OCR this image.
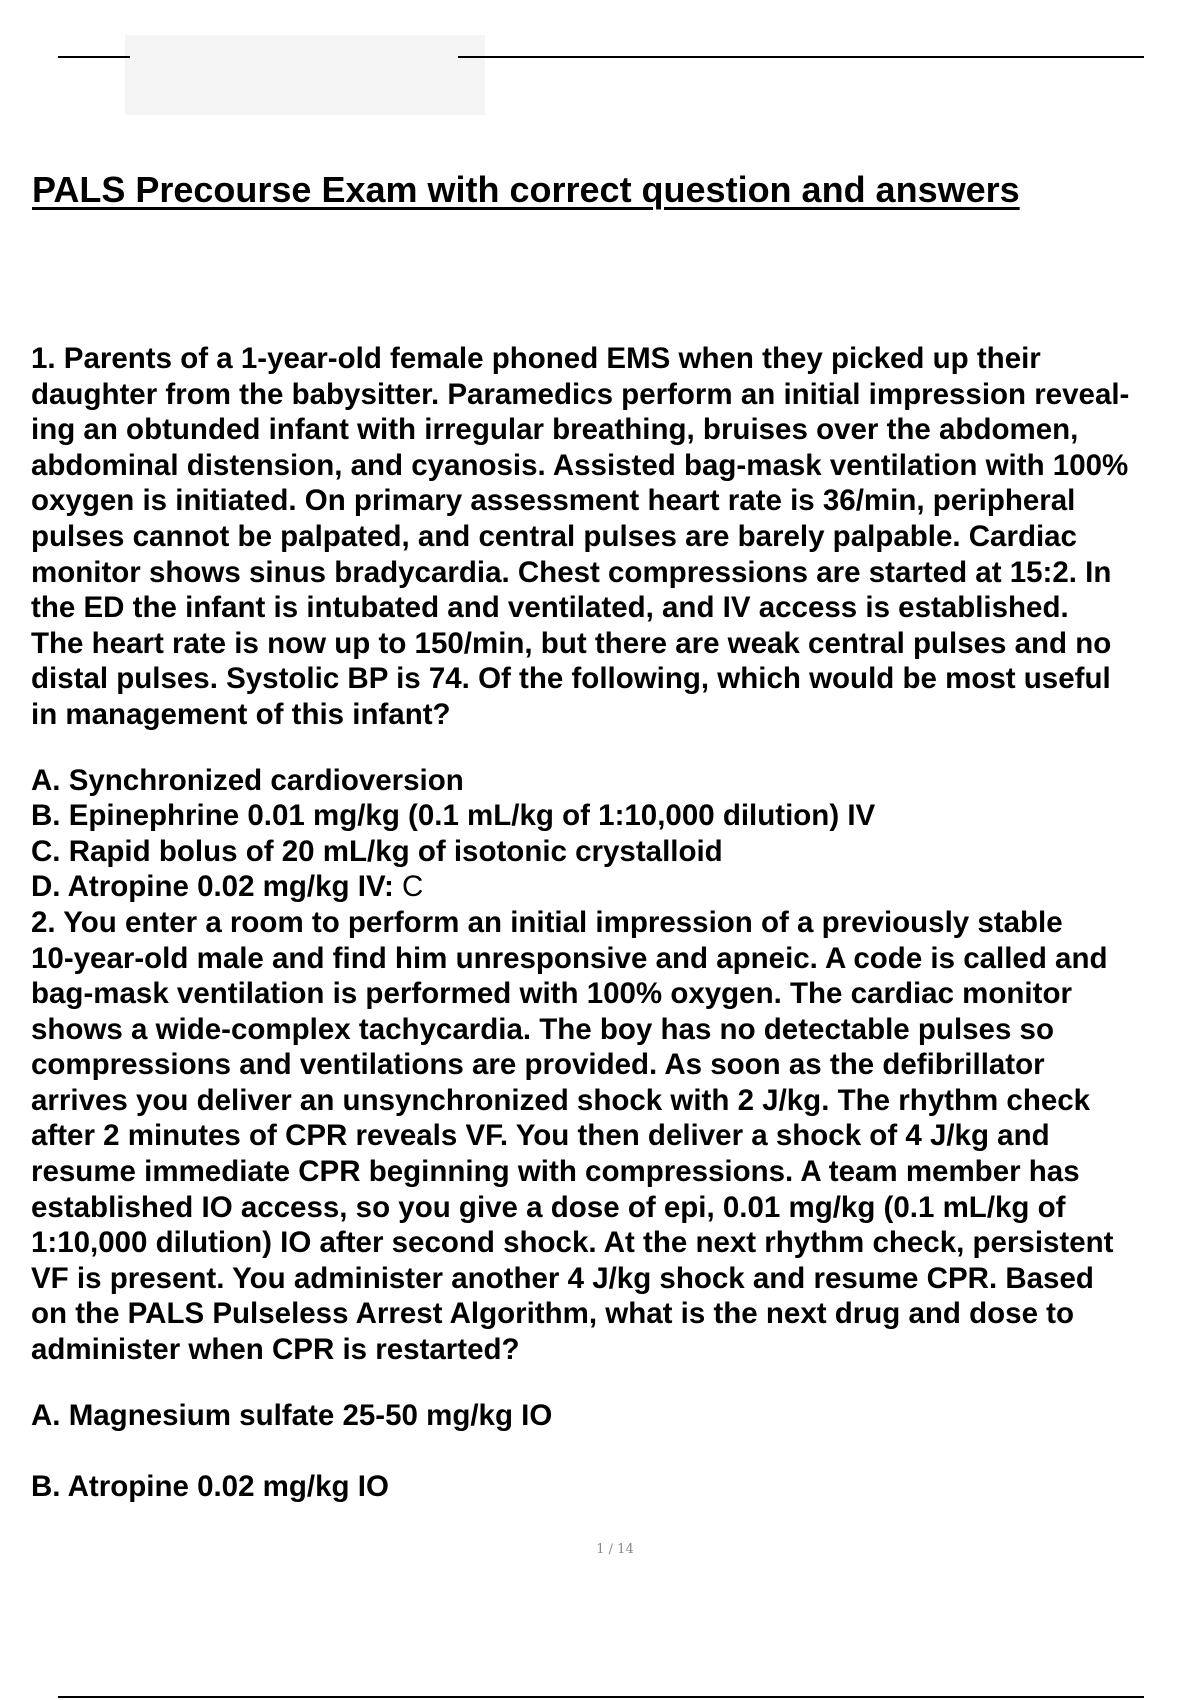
PALS Precourse Exam with correct question and answers
1. Parents of a 1-year-old female phoned EMS when they picked up their
daughter from the babysitter. Paramedics perform an initial impression reveal-
ing an obtunded infant with irregular breathing, bruises over the abdomen,
abdominal distension, and cyanosis. Assisted bag-mask ventilation with 100%
oxygen is initiated. On primary assessment heart rate is 36/min, peripheral
pulses cannot be palpated, and central pulses are barely palpable. Cardiac
monitor shows sinus bradycardia. Chest compressions are started at 15:2. In
the ED the infant is intubated and ventilated, and IV access is established.
The heart rate is now up to 150/min, but there are weak central pulses and no
distal pulses. Systolic BP is 74. Of the following, which would be most useful
in management of this infant?
A. Synchronized cardioversion
B. Epinephrine 0.01 mg/kg (0.1 mL/kg of 1:10,000 dilution) IV
C. Rapid bolus of 20 mL/kg of isotonic crystalloid
D. Atropine 0.02 mg/kg IV: C
2. You enter a room to perform an initial impression of a previously stable
10-year-old male and find him unresponsive and apneic. A code is called and
bag-mask ventilation is performed with 100% oxygen. The cardiac monitor
shows a wide-complex tachycardia. The boy has no detectable pulses so
compressions and ventilations are provided. As soon as the defibrillator
arrives you deliver an unsynchronized shock with 2 J/kg. The rhythm check
after 2 minutes of CPR reveals VF. You then deliver a shock of 4 J/kg and
resume immediate CPR beginning with compressions. A team member has
established IO access, so you give a dose of epi, 0.01 mg/kg (0.1 mL/kg of
1:10,000 dilution) IO after second shock. At the next rhythm check, persistent
VF is present. You administer another 4 J/kg shock and resume CPR. Based
on the PALS Pulseless Arrest Algorithm, what is the next drug and dose to
administer when CPR is restarted?
A. Magnesium sulfate 25-50 mg/kg IO
B. Atropine 0.02 mg/kg IO
1 / 14
